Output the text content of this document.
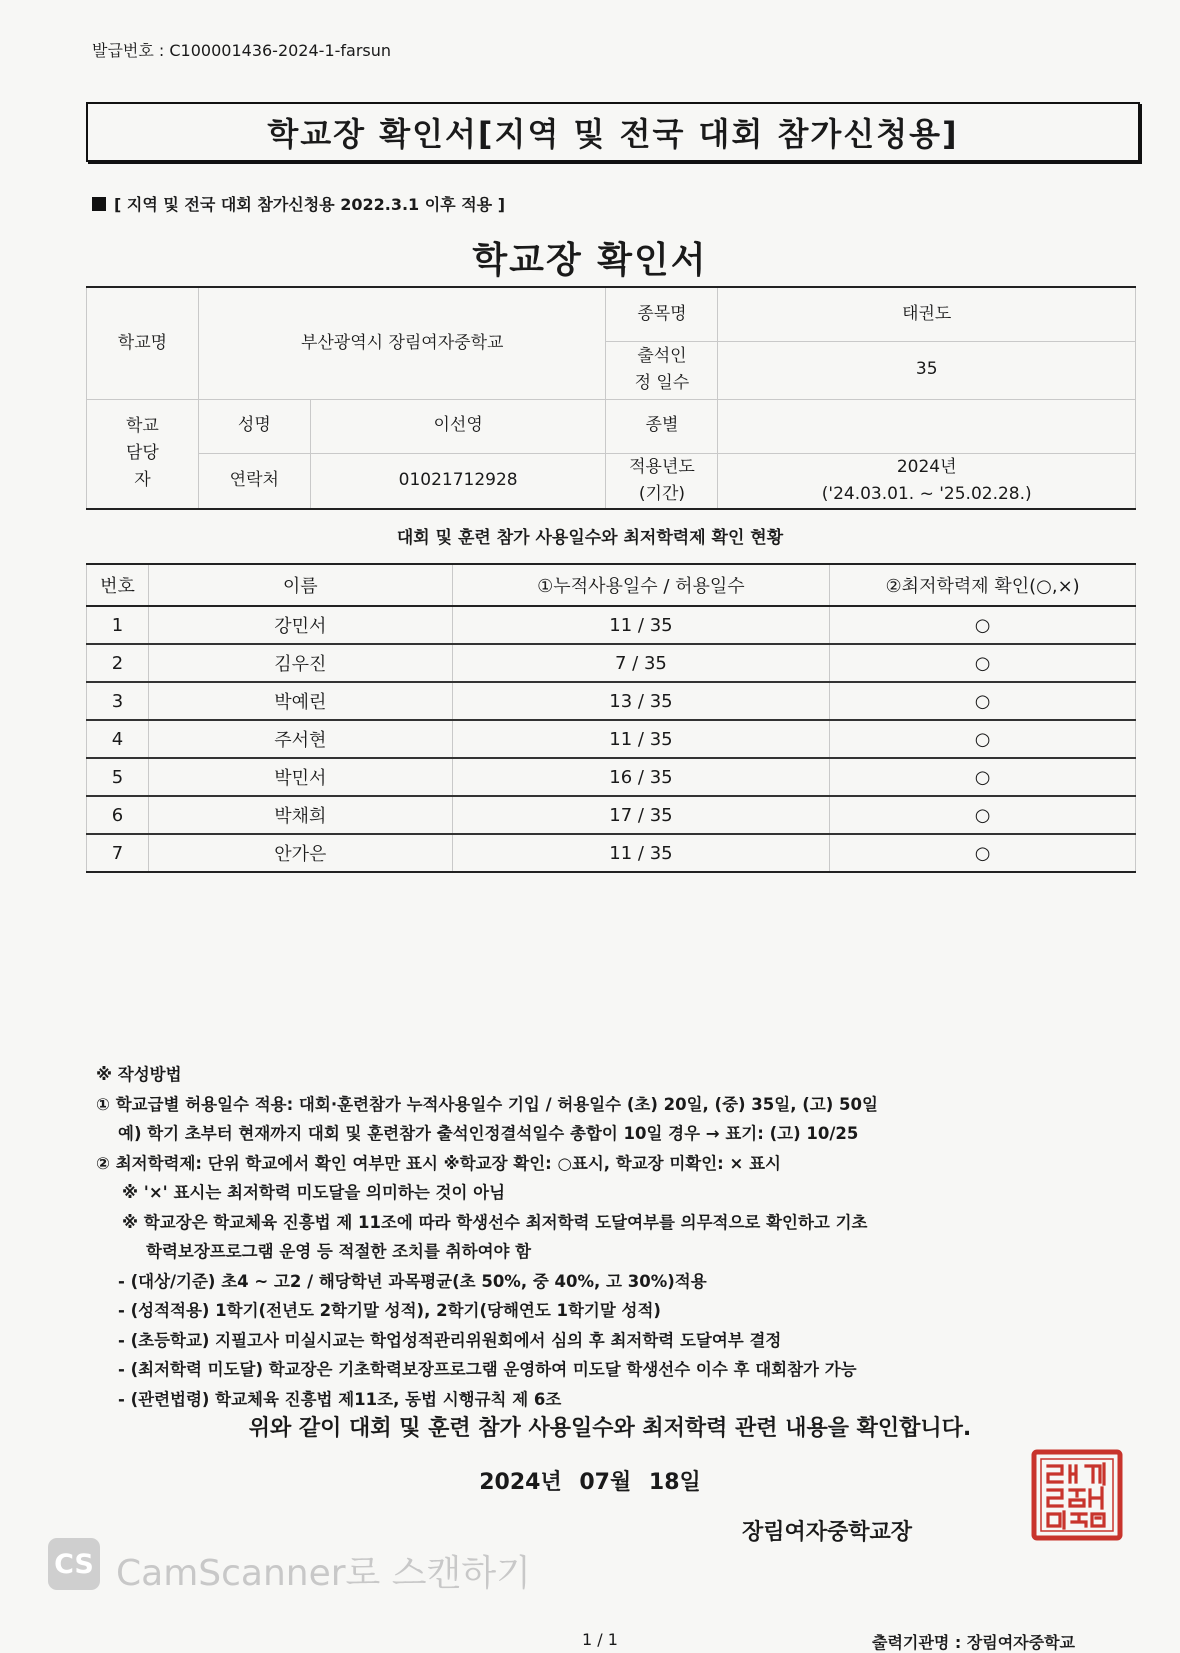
발급번호 : C100001436-2024-1-farsun
학교장 확인서[지역 및 전국 대회 참가신청용]
[ 지역 및 전국 대회 참가신청용 2022.3.1 이후 적용 ]
학교장 확인서
학교명	부산광역시 장림여자중학교		종목명	태권도
			출석인정 일수	35
학교 담당자	성명	이선영	종별	
	연락처	01021712928	적용년도 (기간)	2024년
('24.03.01. ~ '25.02.28.)
대회 및 훈련 참가 사용일수와 최저학력제 확인 현황
번호	이름	①누적사용일수 / 허용일수	②최저학력제 확인(○,×)
1	강민서	11 / 35	○
2	김우진	7 / 35	○
3	박예린	13 / 35	○
4	주서현	11 / 35	○
5	박민서	16 / 35	○
6	박채희	17 / 35	○
7	안가은	11 / 35	○
※ 작성방법
① 학교급별 허용일수 적용: 대회·훈련참가 누적사용일수 기입 / 허용일수 (초) 20일, (중) 35일, (고) 50일
예) 학기 초부터 현재까지 대회 및 훈련참가 출석인정결석일수 총합이 10일 경우 → 표기: (고) 10/25
② 최저학력제: 단위 학교에서 확인 여부만 표시 ※학교장 확인: ○표시, 학교장 미확인: × 표시
※ '×' 표시는 최저학력 미도달을 의미하는 것이 아님
※ 학교장은 학교체육 진흥법 제 11조에 따라 학생선수 최저학력 도달여부를 의무적으로 확인하고 기초
학력보장프로그램 운영 등 적절한 조치를 취하여야 함
- (대상/기준) 초4 ~ 고2 / 해당학년 과목평균(초 50%, 중 40%, 고 30%)적용
- (성적적용) 1학기(전년도 2학기말 성적), 2학기(당해연도 1학기말 성적)
- (초등학교) 지필고사 미실시교는 학업성적관리위원회에서 심의 후 최저학력 도달여부 결정
- (최저학력 미도달) 학교장은 기초학력보장프로그램 운영하여 미도달 학생선수 이수 후 대회참가 가능
- (관련법령) 학교체육 진흥법 제11조, 동법 시행규칙 제 6조
위와 같이 대회 및 훈련 참가 사용일수와 최저학력 관련 내용을 확인합니다.
2024년 07월 18일
장림여자중학교장
CS CamScanner로 스캔하기
1 / 1	출력기관명 : 장림여자중학교
